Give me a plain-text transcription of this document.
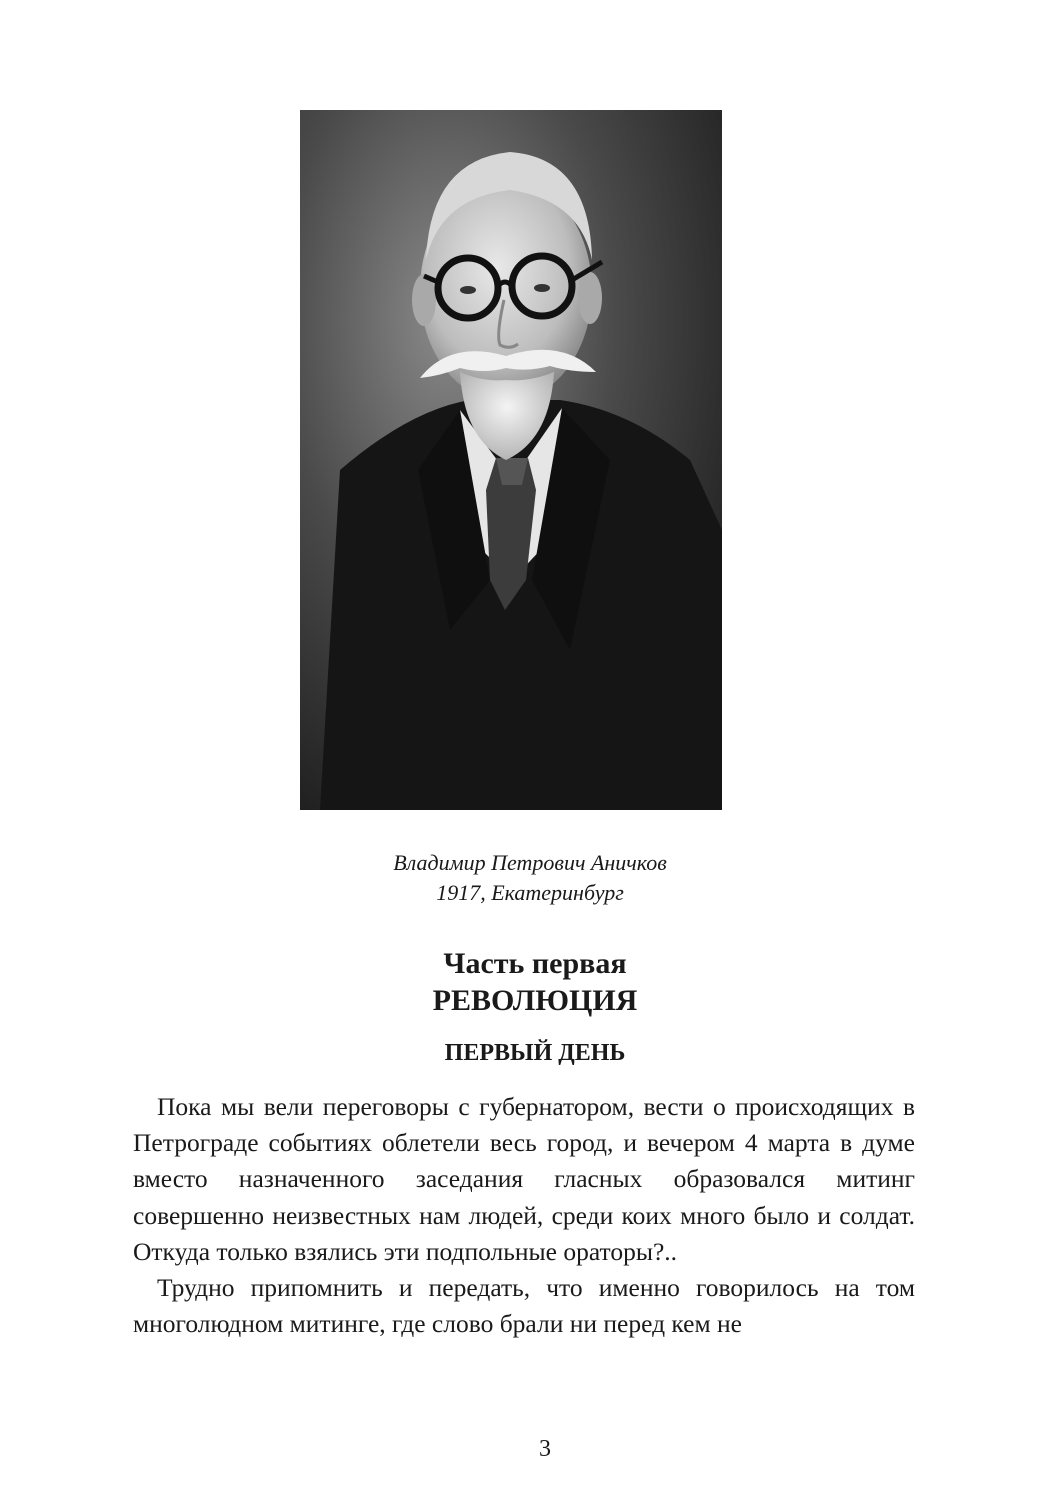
Владимир Петрович Аничков
1917, Екатеринбург
Часть первая
РЕВОЛЮЦИЯ
ПЕРВЫЙ ДЕНЬ

Пока мы вели переговоры с губернатором, вести о происходящих в Петрограде событиях облетели весь город, и вечером 4 марта в думе вместо назначенного заседания гласных образовался митинг совершенно неизвестных нам людей, среди коих много было и солдат. Откуда только взялись эти подпольные ораторы?..

Трудно припомнить и передать, что именно говорилось на том многолюдном митинге, где слово брали ни перед кем не

3
